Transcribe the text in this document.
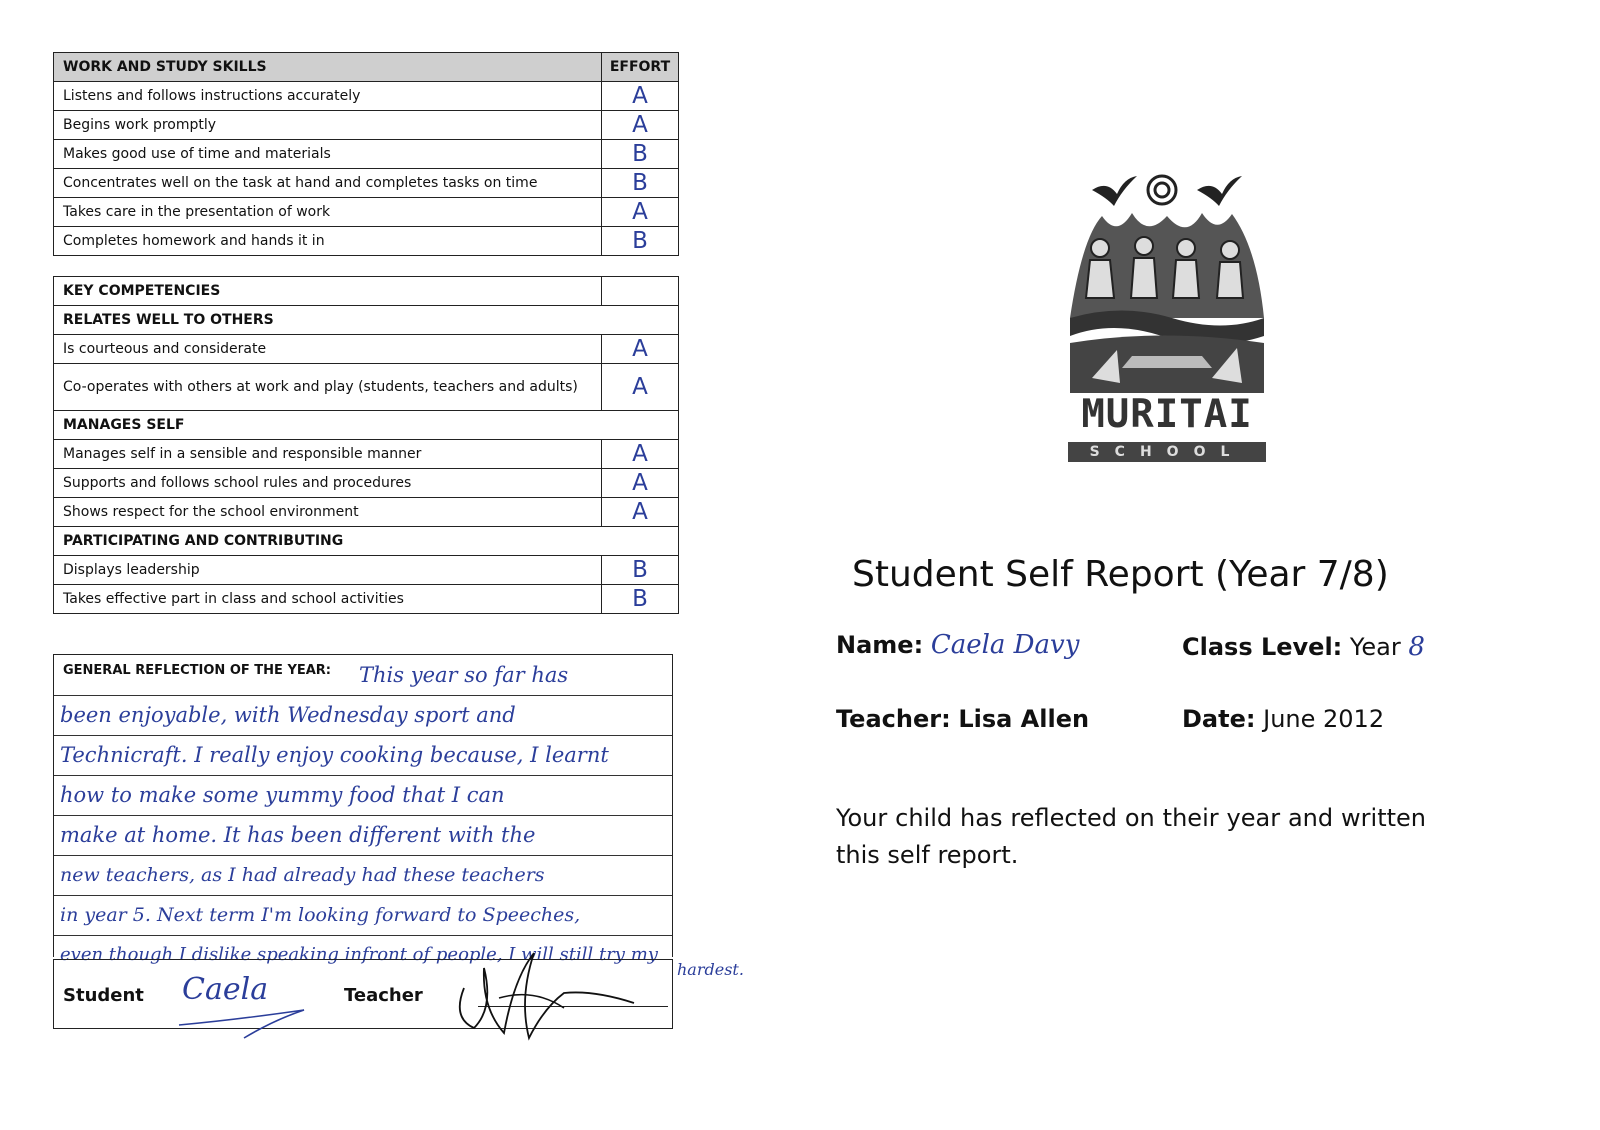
WORK AND STUDY SKILLS	EFFORT
Listens and follows instructions accurately	A
Begins work promptly	A
Makes good use of time and materials	B
Concentrates well on the task at hand and completes tasks on time	B
Takes care in the presentation of work	A
Completes homework and hands it in	B
KEY COMPETENCIES	
RELATES WELL TO OTHERS	
Is courteous and considerate	A
Co-operates with others at work and play (students, teachers and adults)	A
MANAGES SELF	
Manages self in a sensible and responsible manner	A
Supports and follows school rules and procedures	A
Shows respect for the school environment	A
PARTICIPATING AND CONTRIBUTING	
Displays leadership	B
Takes effective part in class and school activities	B
GENERAL REFLECTION OF THE YEAR:	This year so far has

been enjoyable, with Wednesday sport and

Technicraft. I really enjoy cooking because, I learnt

how to make some yummy food that I can

make at home. It has been different with the

new teachers, as I had already had these teachers

in year 5. Next term I'm looking forward to Speeches,

even though I dislike speaking infront of people, I will still try my

hardest.
Student Caela	Teacher
MURITAI
SCHOOL
Student Self Report (Year 7/8)
Name: Caela Davy	Class Level: Year 8
Teacher: Lisa Allen	Date: June 2012
Your child has reflected on their year and written this self report.
